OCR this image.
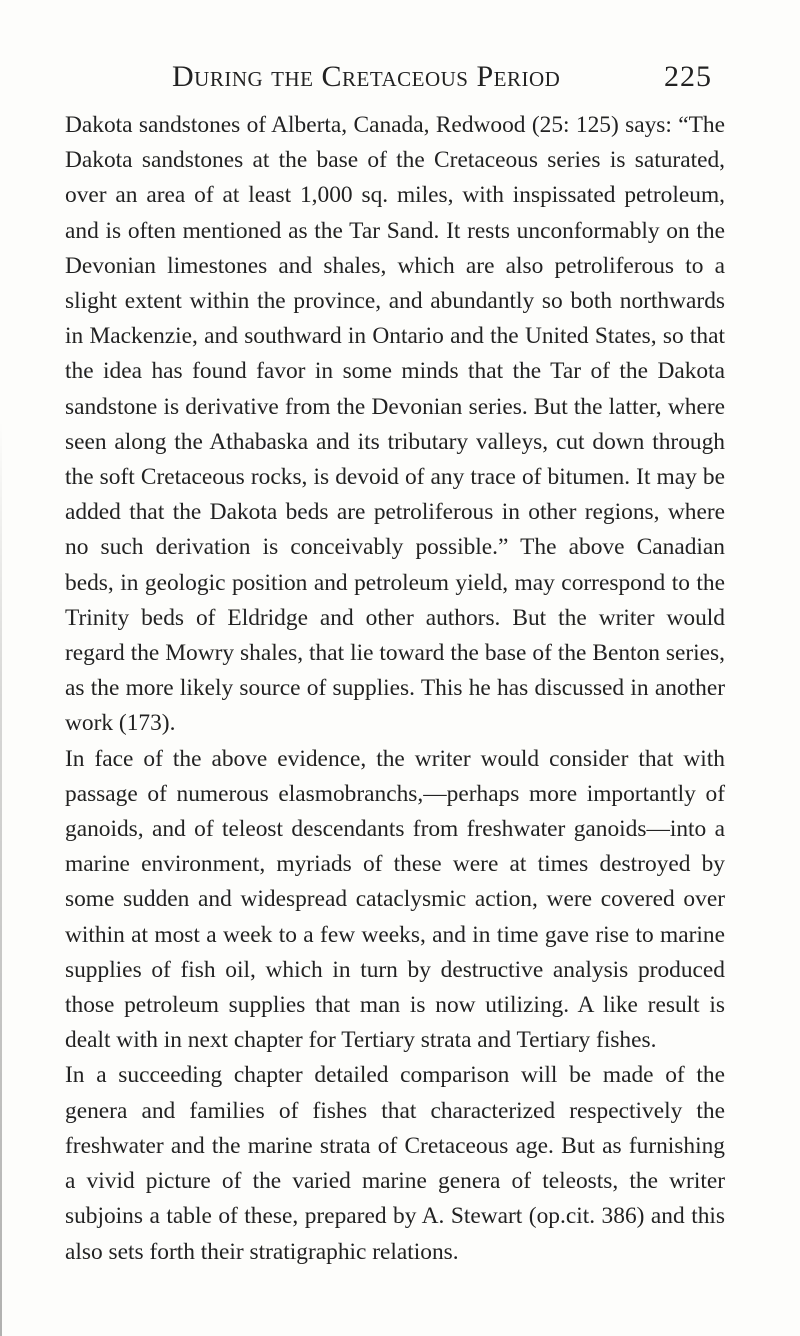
During the Cretaceous Period	225

Dakota sandstones of Alberta, Canada, Redwood (25: 125) says: “The Dakota sandstones at the base of the Cretaceous series is saturated, over an area of at least 1,000 sq. miles, with inspissated petroleum, and is often mentioned as the Tar Sand. It rests unconformably on the Devonian limestones and shales, which are also petroliferous to a slight extent within the province, and abundantly so both northwards in Mackenzie, and southward in Ontario and the United States, so that the idea has found favor in some minds that the Tar of the Dakota sandstone is derivative from the Devonian series. But the latter, where seen along the Athabaska and its tributary valleys, cut down through the soft Cretaceous rocks, is devoid of any trace of bitumen. It may be added that the Dakota beds are petroliferous in other regions, where no such derivation is conceivably possible.” The above Canadian beds, in geologic position and petroleum yield, may correspond to the Trinity beds of Eldridge and other authors. But the writer would regard the Mowry shales, that lie toward the base of the Benton series, as the more likely source of supplies. This he has discussed in another work (173).

In face of the above evidence, the writer would consider that with passage of numerous elasmobranchs,—perhaps more importantly of ganoids, and of teleost descendants from freshwater ganoids—into a marine environment, myriads of these were at times destroyed by some sudden and widespread cataclysmic action, were covered over within at most a week to a few weeks, and in time gave rise to marine supplies of fish oil, which in turn by destructive analysis produced those petroleum supplies that man is now utilizing. A like result is dealt with in next chapter for Tertiary strata and Tertiary fishes.

In a succeeding chapter detailed comparison will be made of the genera and families of fishes that characterized respectively the freshwater and the marine strata of Cretaceous age. But as furnishing a vivid picture of the varied marine genera of teleosts, the writer subjoins a table of these, prepared by A. Stewart (op.cit. 386) and this also sets forth their stratigraphic relations.
